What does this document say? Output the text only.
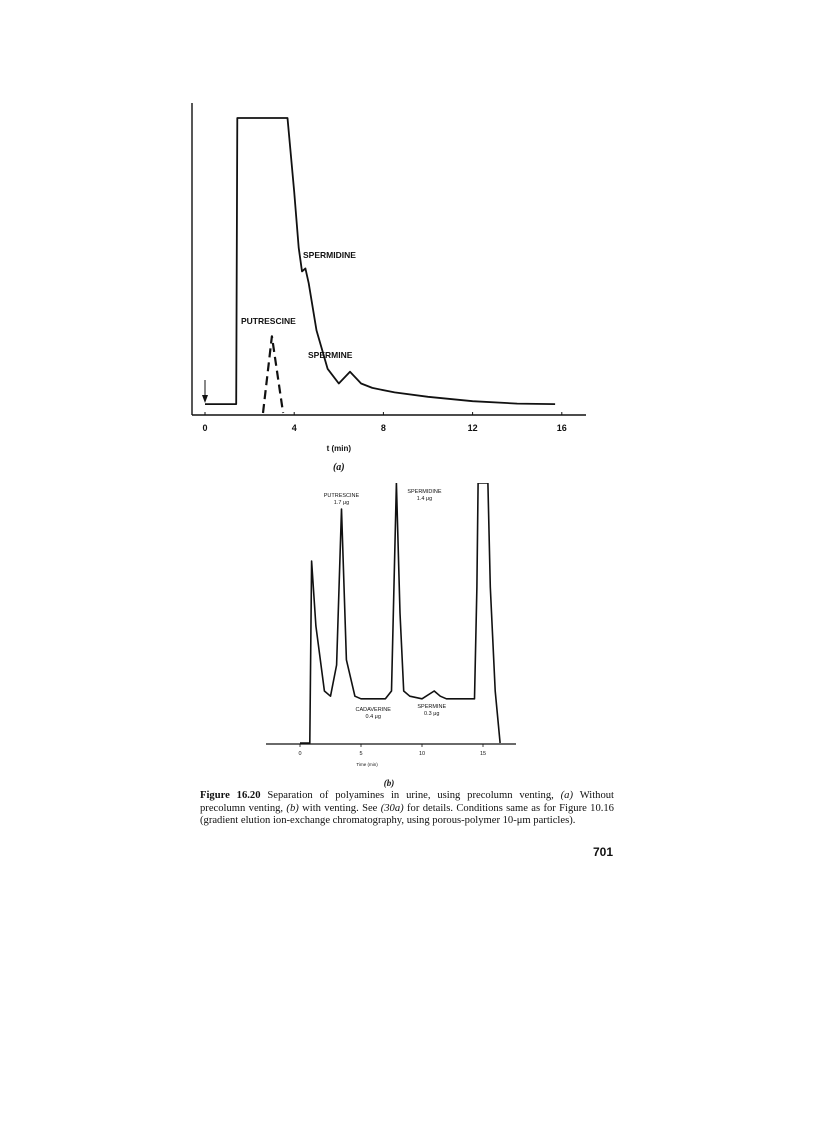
0	4	8	12	16
t (min)
(a)
SPERMIDINE
PUTRESCINE
SPERMINE
0	5	10	15
Time (min)
(b)
PUTRESCINE
1.7 μg
SPERMIDINE
1.4 μg
CADAVERINE
0.4 μg
SPERMINE
0.3 μg
Figure 16.20 Separation of polyamines in urine, using precolumn venting, (a) Without precolumn venting, (b) with venting. See (30a) for details. Conditions same as for Figure 10.16 (gradient elution ion-exchange chromatography, using porous-polymer 10-μm particles).
701
